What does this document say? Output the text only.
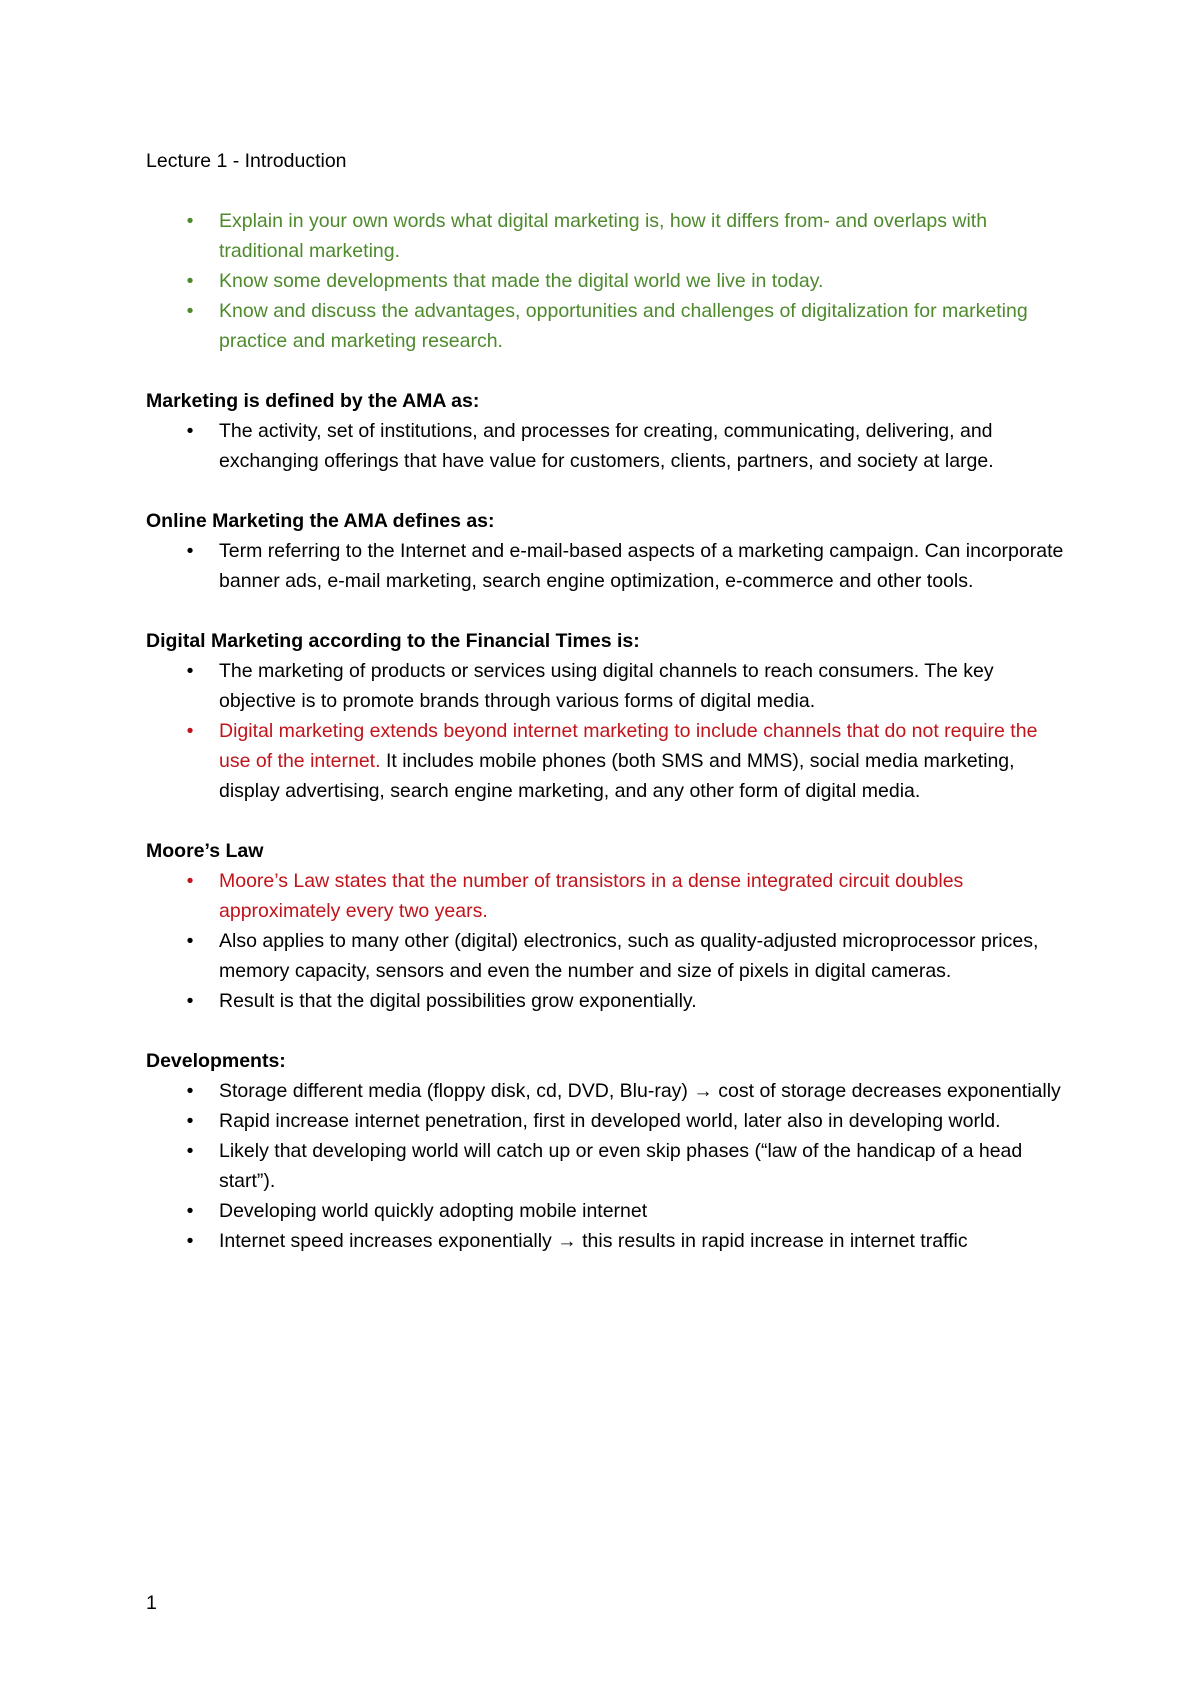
Lecture 1 - Introduction

• Explain in your own words what digital marketing is, how it differs from- and overlaps with traditional marketing.
• Know some developments that made the digital world we live in today.
• Know and discuss the advantages, opportunities and challenges of digitalization for marketing practice and marketing research.

Marketing is defined by the AMA as:

• The activity, set of institutions, and processes for creating, communicating, delivering, and exchanging offerings that have value for customers, clients, partners, and society at large.

Online Marketing the AMA defines as:

• Term referring to the Internet and e-mail-based aspects of a marketing campaign. Can incorporate banner ads, e-mail marketing, search engine optimization, e-commerce and other tools.

Digital Marketing according to the Financial Times is:

• The marketing of products or services using digital channels to reach consumers. The key objective is to promote brands through various forms of digital media.
• Digital marketing extends beyond internet marketing to include channels that do not require the use of the internet. It includes mobile phones (both SMS and MMS), social media marketing, display advertising, search engine marketing, and any other form of digital media.

Moore’s Law

• Moore’s Law states that the number of transistors in a dense integrated circuit doubles approximately every two years.
• Also applies to many other (digital) electronics, such as quality-adjusted microprocessor prices, memory capacity, sensors and even the number and size of pixels in digital cameras.
• Result is that the digital possibilities grow exponentially.

Developments:

• Storage different media (floppy disk, cd, DVD, Blu-ray) → cost of storage decreases exponentially
• Rapid increase internet penetration, first in developed world, later also in developing world.
• Likely that developing world will catch up or even skip phases (“law of the handicap of a head start”).
• Developing world quickly adopting mobile internet
• Internet speed increases exponentially → this results in rapid increase in internet traffic
1
